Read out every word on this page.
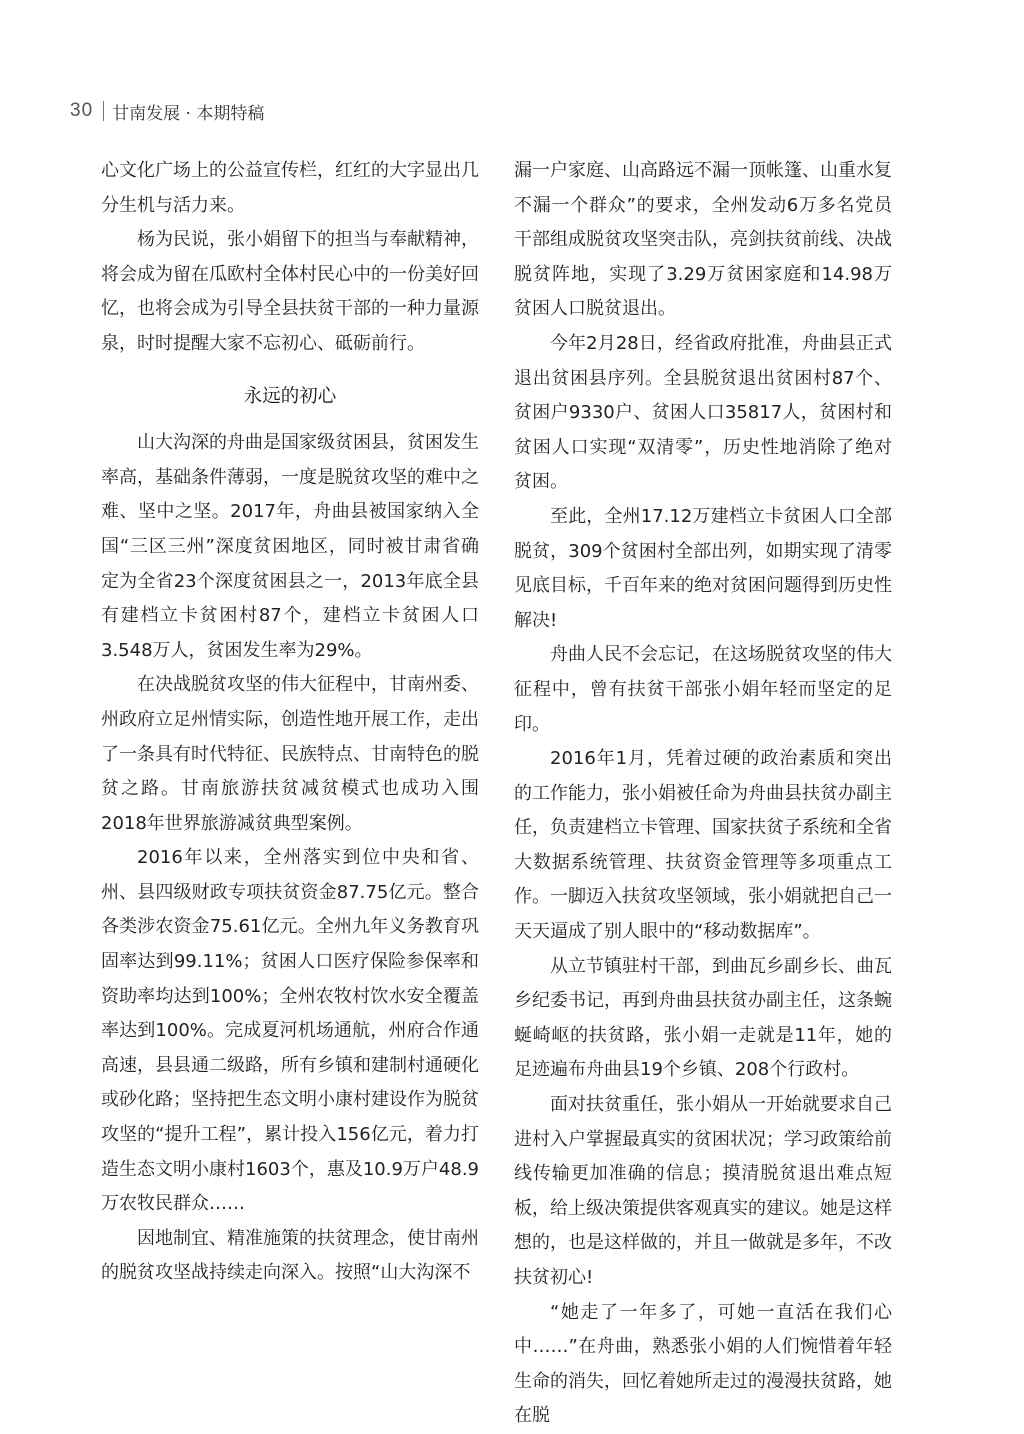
30 甘南发展 · 本期特稿

心文化广场上的公益宣传栏，红红的大字显出几分生机与活力来。

杨为民说，张小娟留下的担当与奉献精神，将会成为留在瓜欧村全体村民心中的一份美好回忆，也将会成为引导全县扶贫干部的一种力量源泉，时时提醒大家不忘初心、砥砺前行。

永远的初心

山大沟深的舟曲是国家级贫困县，贫困发生率高，基础条件薄弱，一度是脱贫攻坚的难中之难、坚中之坚。2017年，舟曲县被国家纳入全国“三区三州”深度贫困地区，同时被甘肃省确定为全省23个深度贫困县之一，2013年底全县有建档立卡贫困村87个，建档立卡贫困人口3.548万人，贫困发生率为29%。

在决战脱贫攻坚的伟大征程中，甘南州委、州政府立足州情实际，创造性地开展工作，走出了一条具有时代特征、民族特点、甘南特色的脱贫之路。甘南旅游扶贫减贫模式也成功入围2018年世界旅游减贫典型案例。

2016年以来，全州落实到位中央和省、州、县四级财政专项扶贫资金87.75亿元。整合各类涉农资金75.61亿元。全州九年义务教育巩固率达到99.11%；贫困人口医疗保险参保率和资助率均达到100%；全州农牧村饮水安全覆盖率达到100%。完成夏河机场通航，州府合作通高速，县县通二级路，所有乡镇和建制村通硬化或砂化路；坚持把生态文明小康村建设作为脱贫攻坚的“提升工程”，累计投入156亿元，着力打造生态文明小康村1603个，惠及10.9万户48.9万农牧民群众……

因地制宜、精准施策的扶贫理念，使甘南州的脱贫攻坚战持续走向深入。按照“山大沟深不

漏一户家庭、山高路远不漏一顶帐篷、山重水复不漏一个群众”的要求，全州发动6万多名党员干部组成脱贫攻坚突击队，亮剑扶贫前线、决战脱贫阵地，实现了3.29万贫困家庭和14.98万贫困人口脱贫退出。

今年2月28日，经省政府批准，舟曲县正式退出贫困县序列。全县脱贫退出贫困村87个、贫困户9330户、贫困人口35817人，贫困村和贫困人口实现“双清零”，历史性地消除了绝对贫困。

至此，全州17.12万建档立卡贫困人口全部脱贫，309个贫困村全部出列，如期实现了清零见底目标，千百年来的绝对贫困问题得到历史性解决!

舟曲人民不会忘记，在这场脱贫攻坚的伟大征程中，曾有扶贫干部张小娟年轻而坚定的足印。

2016年1月，凭着过硬的政治素质和突出的工作能力，张小娟被任命为舟曲县扶贫办副主任，负责建档立卡管理、国家扶贫子系统和全省大数据系统管理、扶贫资金管理等多项重点工作。一脚迈入扶贫攻坚领域，张小娟就把自己一天天逼成了别人眼中的“移动数据库”。

从立节镇驻村干部，到曲瓦乡副乡长、曲瓦乡纪委书记，再到舟曲县扶贫办副主任，这条蜿蜒崎岖的扶贫路，张小娟一走就是11年，她的足迹遍布舟曲县19个乡镇、208个行政村。

面对扶贫重任，张小娟从一开始就要求自己进村入户掌握最真实的贫困状况；学习政策给前线传输更加准确的信息；摸清脱贫退出难点短板，给上级决策提供客观真实的建议。她是这样想的，也是这样做的，并且一做就是多年，不改扶贫初心!

“她走了一年多了，可她一直活在我们心中……”在舟曲，熟悉张小娟的人们惋惜着年轻生命的消失，回忆着她所走过的漫漫扶贫路，她在脱
